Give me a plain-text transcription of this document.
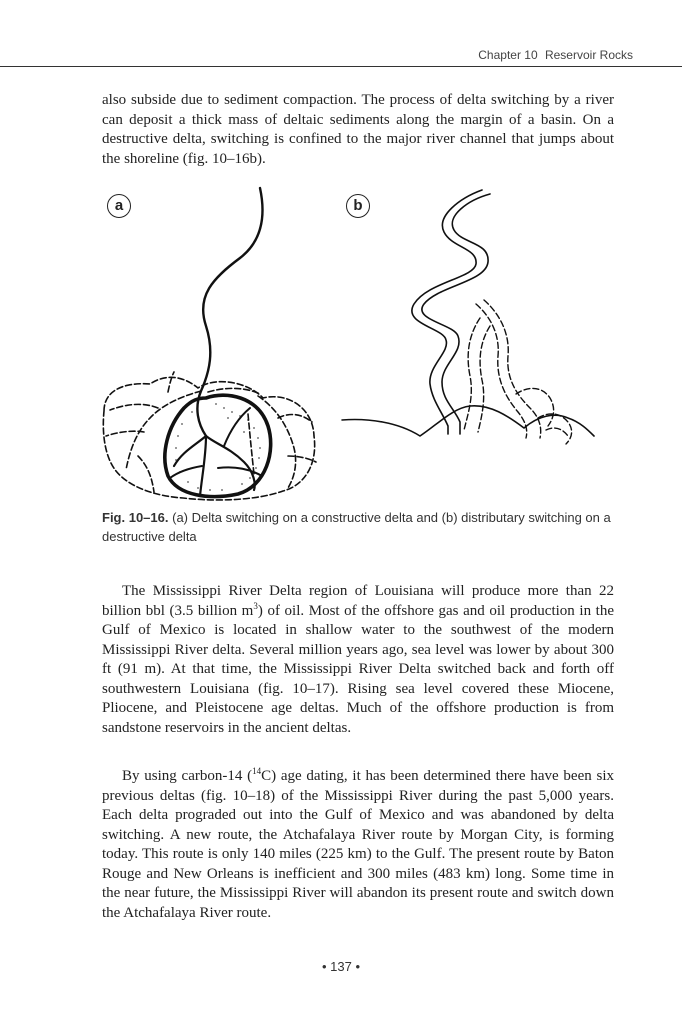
Chapter 10 Reservoir Rocks
also subside due to sediment compaction. The process of delta switching by a river can deposit a thick mass of deltaic sediments along the margin of a basin. On a destructive delta, switching is confined to the major river channel that jumps about the shoreline (fig. 10–16b).
a	b
Fig. 10–16. (a) Delta switching on a constructive delta and (b) distributary switching on a destructive delta
The Mississippi River Delta region of Louisiana will produce more than 22 billion bbl (3.5 billion $m^3$) of oil. Most of the offshore gas and oil production in the Gulf of Mexico is located in shallow water to the southwest of the modern Mississippi River delta. Several million years ago, sea level was lower by about 300 ft (91 m). At that time, the Mississippi River Delta switched back and forth off southwestern Louisiana (fig. 10–17). Rising sea level covered these Miocene, Pliocene, and Pleistocene age deltas. Much of the offshore production is from sandstone reservoirs in the ancient deltas.
By using carbon-14 ($^{14}$C) age dating, it has been determined there have been six previous deltas (fig. 10–18) of the Mississippi River during the past 5,000 years. Each delta prograded out into the Gulf of Mexico and was abandoned by delta switching. A new route, the Atchafalaya River route by Morgan City, is forming today. This route is only 140 miles (225 km) to the Gulf. The present route by Baton Rouge and New Orleans is inefficient and 300 miles (483 km) long. Some time in the near future, the Mississippi River will abandon its present route and switch down the Atchafalaya River route.
• 137 •
